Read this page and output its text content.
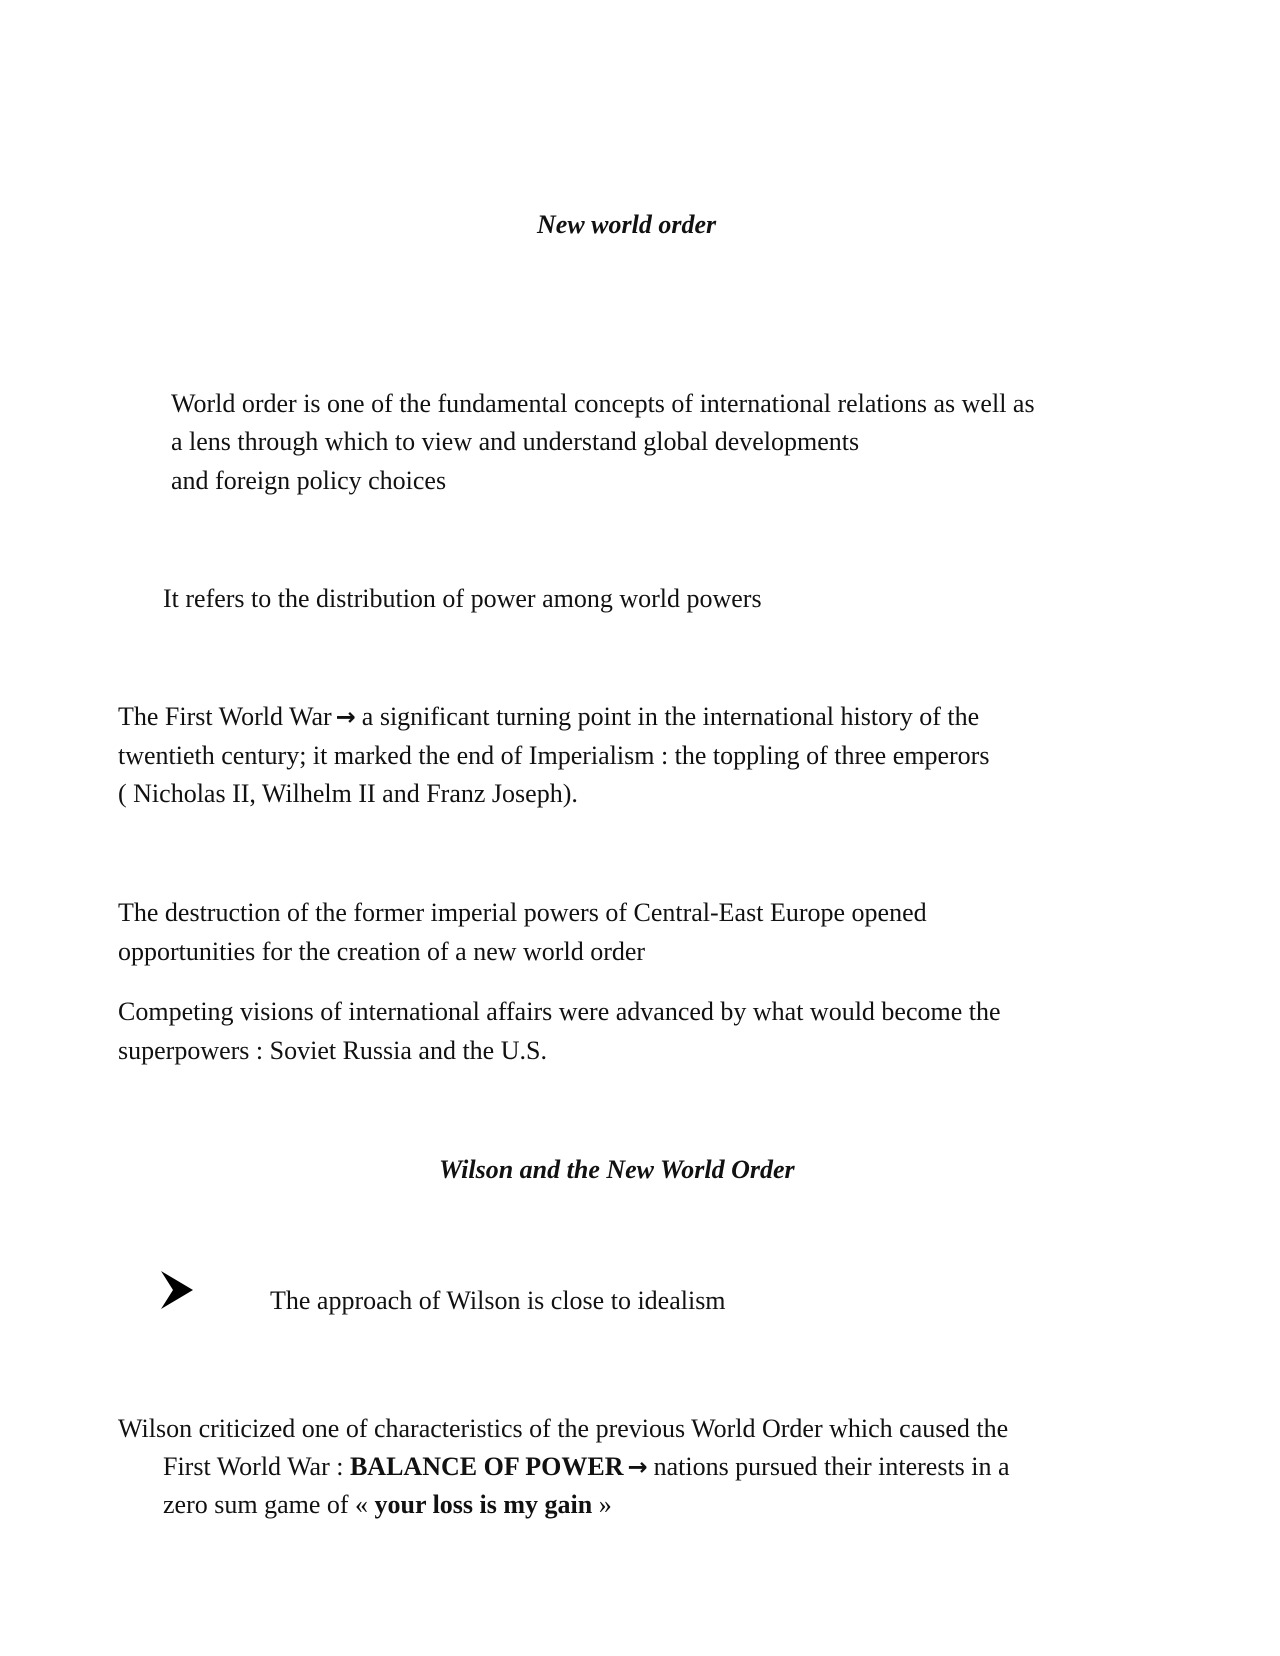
New world order
World order is one of the fundamental concepts of international relations as well as
a lens through which to view and understand global developments
and foreign policy choices
It refers to the distribution of power among world powers
The First World War → a significant turning point in the international history of the
twentieth century; it marked the end of Imperialism : the toppling of three emperors
( Nicholas II, Wilhelm II and Franz Joseph).
The destruction of the former imperial powers of Central-East Europe opened
opportunities for the creation of a new world order
Competing visions of international affairs were advanced by what would become the
superpowers : Soviet Russia and the U.S.
Wilson and the New World Order
The approach of Wilson is close to idealism
Wilson criticized one of characteristics of the previous World Order which caused the
First World War : BALANCE OF POWER → nations pursued their interests in a
zero sum game of « your loss is my gain »
